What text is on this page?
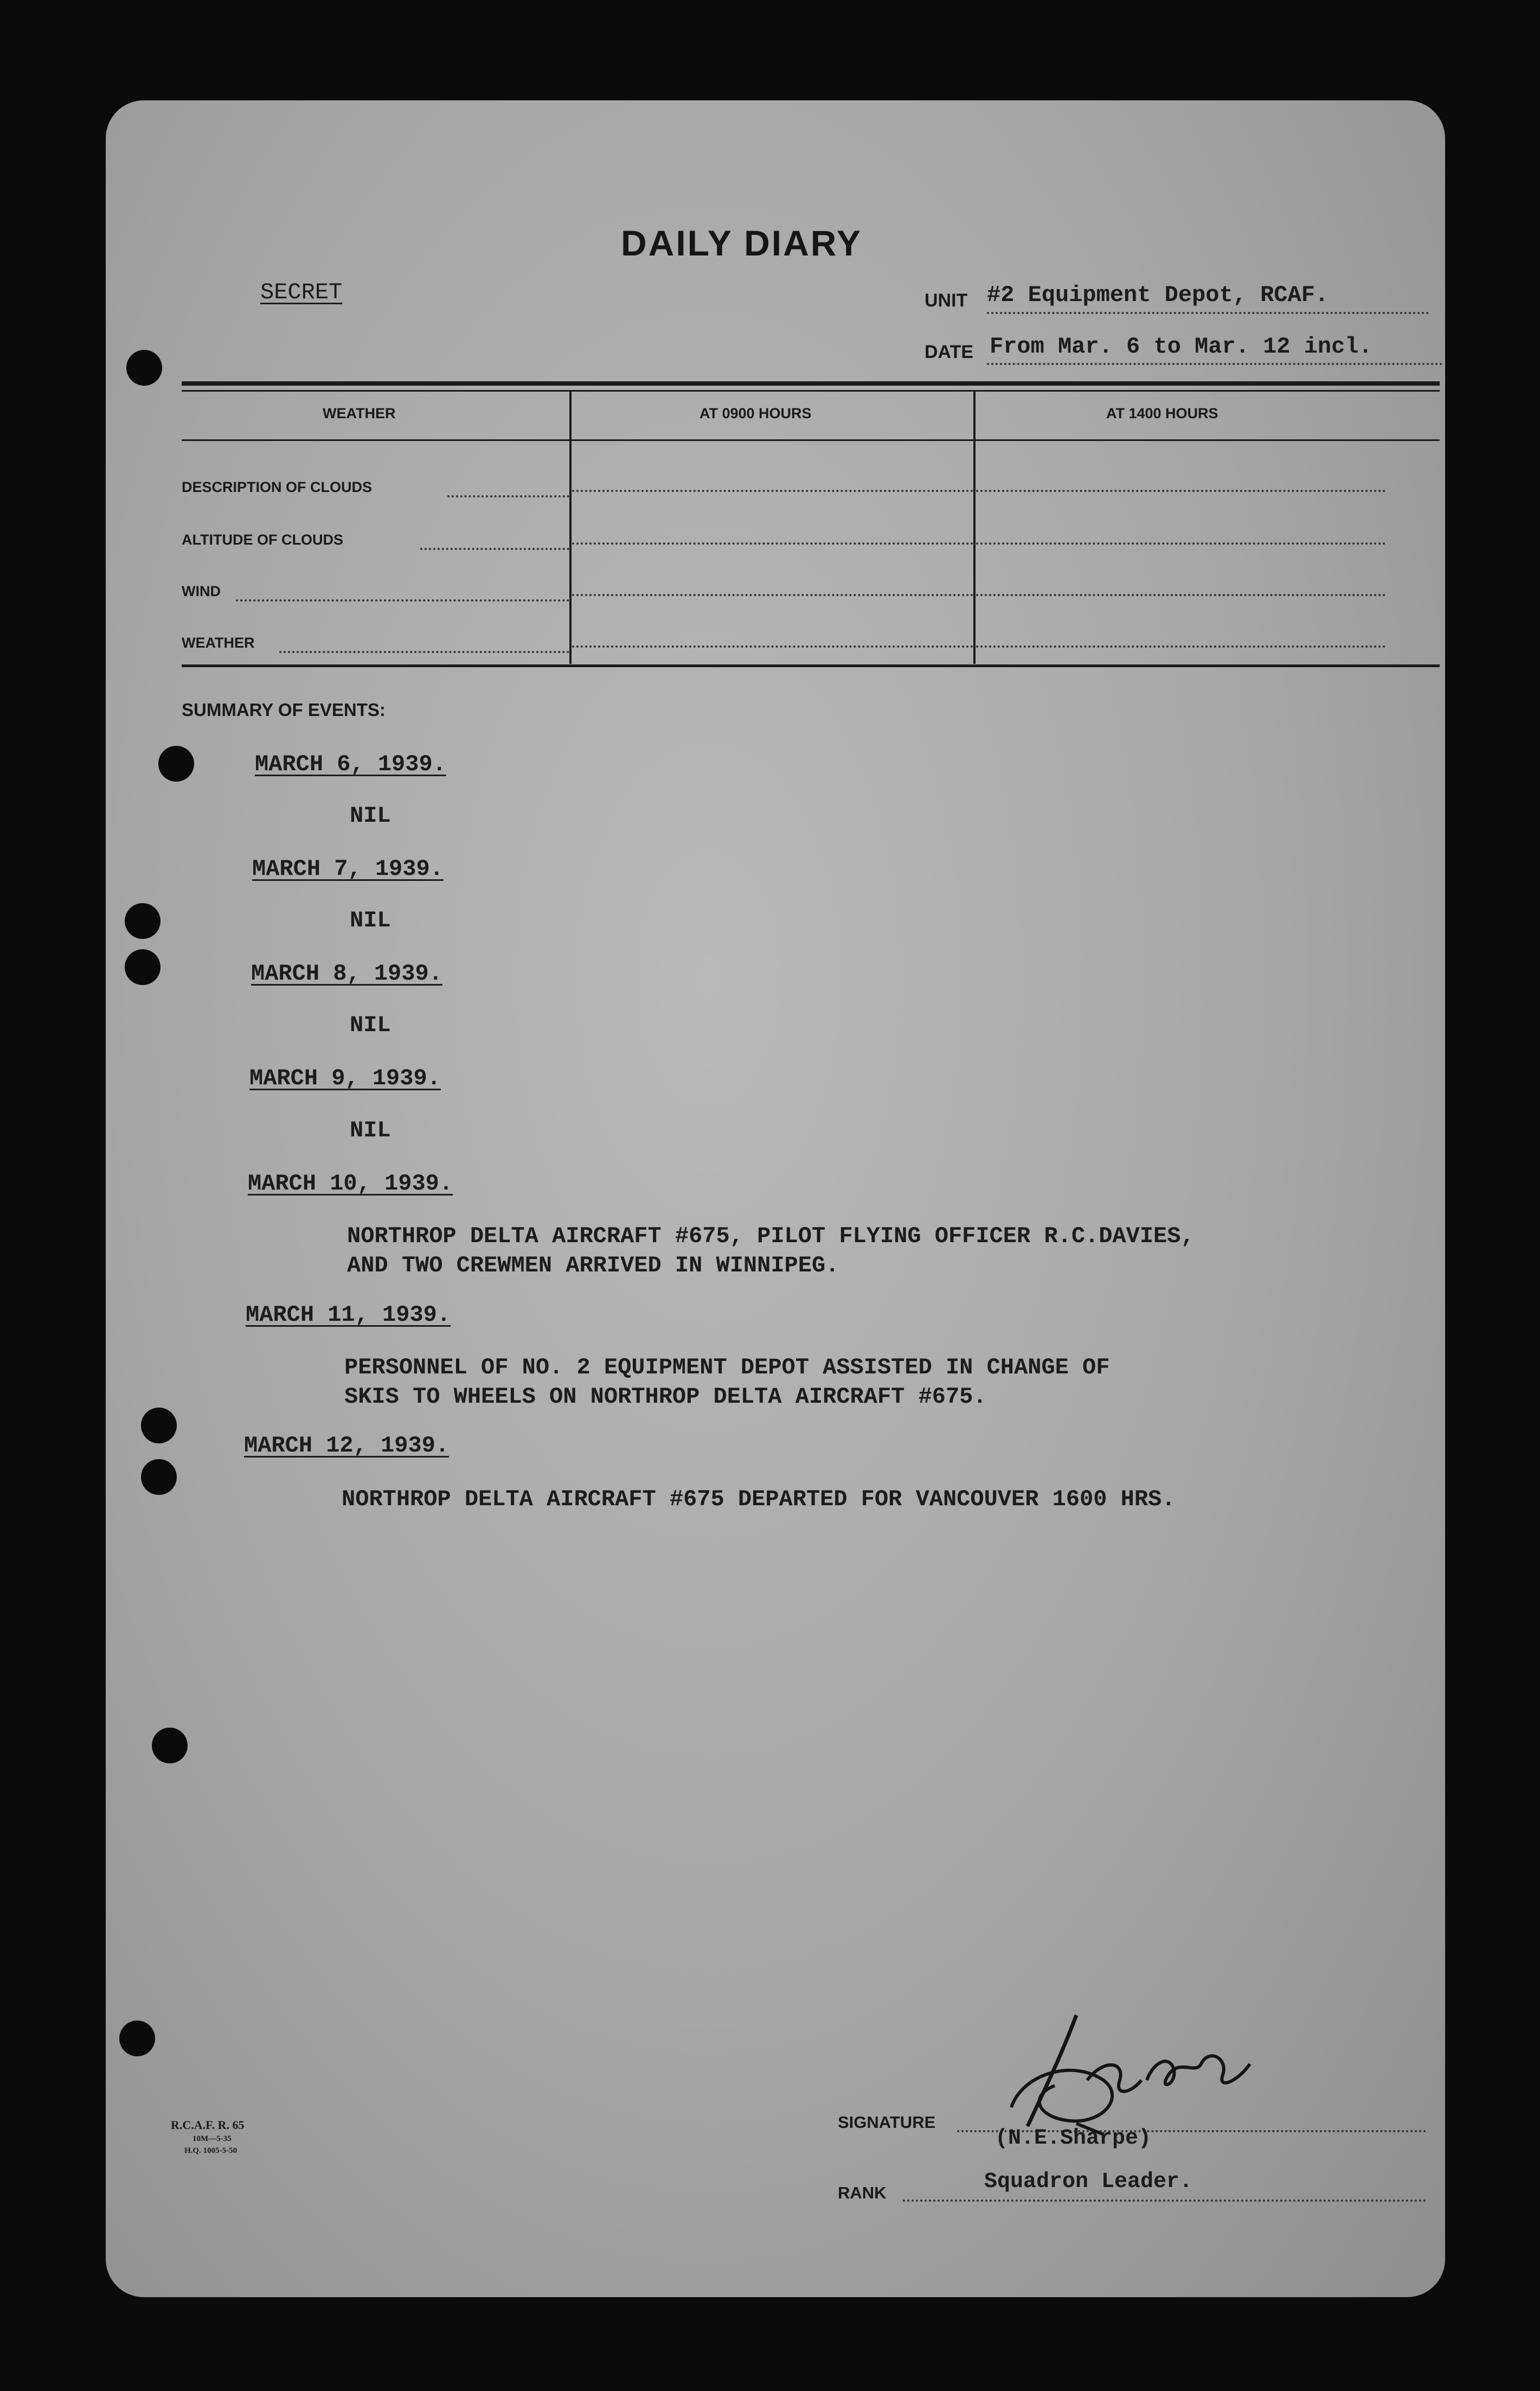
DAILY DIARY
SECRET	UNIT #2 Equipment Depot, RCAF.
DATE From Mar. 6 to Mar. 12 incl.
WEATHER	AT 0900 HOURS	AT 1400 HOURS
DESCRIPTION OF CLOUDS
ALTITUDE OF CLOUDS
WIND
WEATHER
SUMMARY OF EVENTS:
MARCH 6, 1939.
NIL
MARCH 7, 1939.
NIL
MARCH 8, 1939.
NIL
MARCH 9, 1939.
NIL
MARCH 10, 1939.
NORTHROP DELTA AIRCRAFT #675, PILOT FLYING OFFICER R.C.DAVIES,
AND TWO CREWMEN ARRIVED IN WINNIPEG.
MARCH 11, 1939.
PERSONNEL OF NO. 2 EQUIPMENT DEPOT ASSISTED IN CHANGE OF
SKIS TO WHEELS ON NORTHROP DELTA AIRCRAFT #675.
MARCH 12, 1939.
NORTHROP DELTA AIRCRAFT #675 DEPARTED FOR VANCOUVER 1600 HRS.
R.C.A.F. R. 65
10M—5-35
H.Q. 1005-5-50
SIGNATURE
(N.E.Sharpe)
RANK	Squadron Leader.
